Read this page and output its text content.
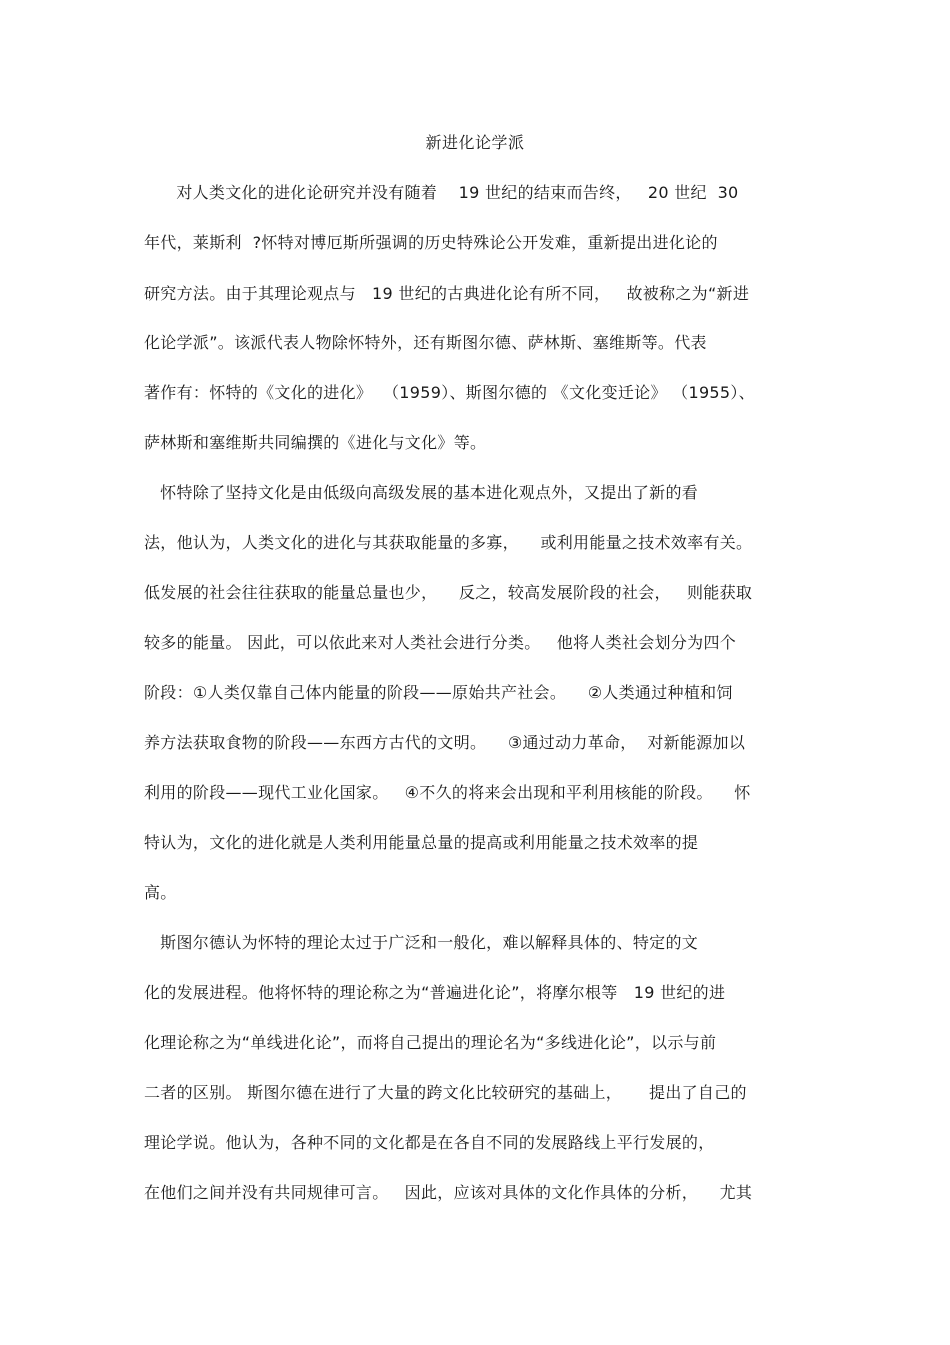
新进化论学派
对人类文化的进化论研究并没有随着    19 世纪的结束而告终，   20 世纪  30
年代，莱斯利  ?怀特对博厄斯所强调的历史特殊论公开发难，重新提出进化论的
研究方法。由于其理论观点与   19 世纪的古典进化论有所不同，   故被称之为“新进
化论学派”。该派代表人物除怀特外，还有斯图尔德、萨林斯、塞维斯等。代表
著作有：怀特的《文化的进化》  （1959）、斯图尔德的 《文化变迁论》 （1955）、
萨林斯和塞维斯共同编撰的《进化与文化》等。
怀特除了坚持文化是由低级向高级发展的基本进化观点外，又提出了新的看
法，他认为，人类文化的进化与其获取能量的多寡，    或利用能量之技术效率有关。
低发展的社会往往获取的能量总量也少，    反之，较高发展阶段的社会，   则能获取
较多的能量。 因此，可以依此来对人类社会进行分类。   他将人类社会划分为四个
阶段：①人类仅靠自己体内能量的阶段——原始共产社会。    ②人类通过种植和饲
养方法获取食物的阶段——东西方古代的文明。    ③通过动力革命，  对新能源加以
利用的阶段——现代工业化国家。   ④不久的将来会出现和平利用核能的阶段。    怀
特认为，文化的进化就是人类利用能量总量的提高或利用能量之技术效率的提
高。
斯图尔德认为怀特的理论太过于广泛和一般化，难以解释具体的、特定的文
化的发展进程。他将怀特的理论称之为“普遍进化论”，将摩尔根等   19 世纪的进
化理论称之为“单线进化论”，而将自己提出的理论名为“多线进化论”，以示与前
二者的区别。 斯图尔德在进行了大量的跨文化比较研究的基础上，     提出了自己的
理论学说。他认为，各种不同的文化都是在各自不同的发展路线上平行发展的，
在他们之间并没有共同规律可言。   因此，应该对具体的文化作具体的分析，    尤其
